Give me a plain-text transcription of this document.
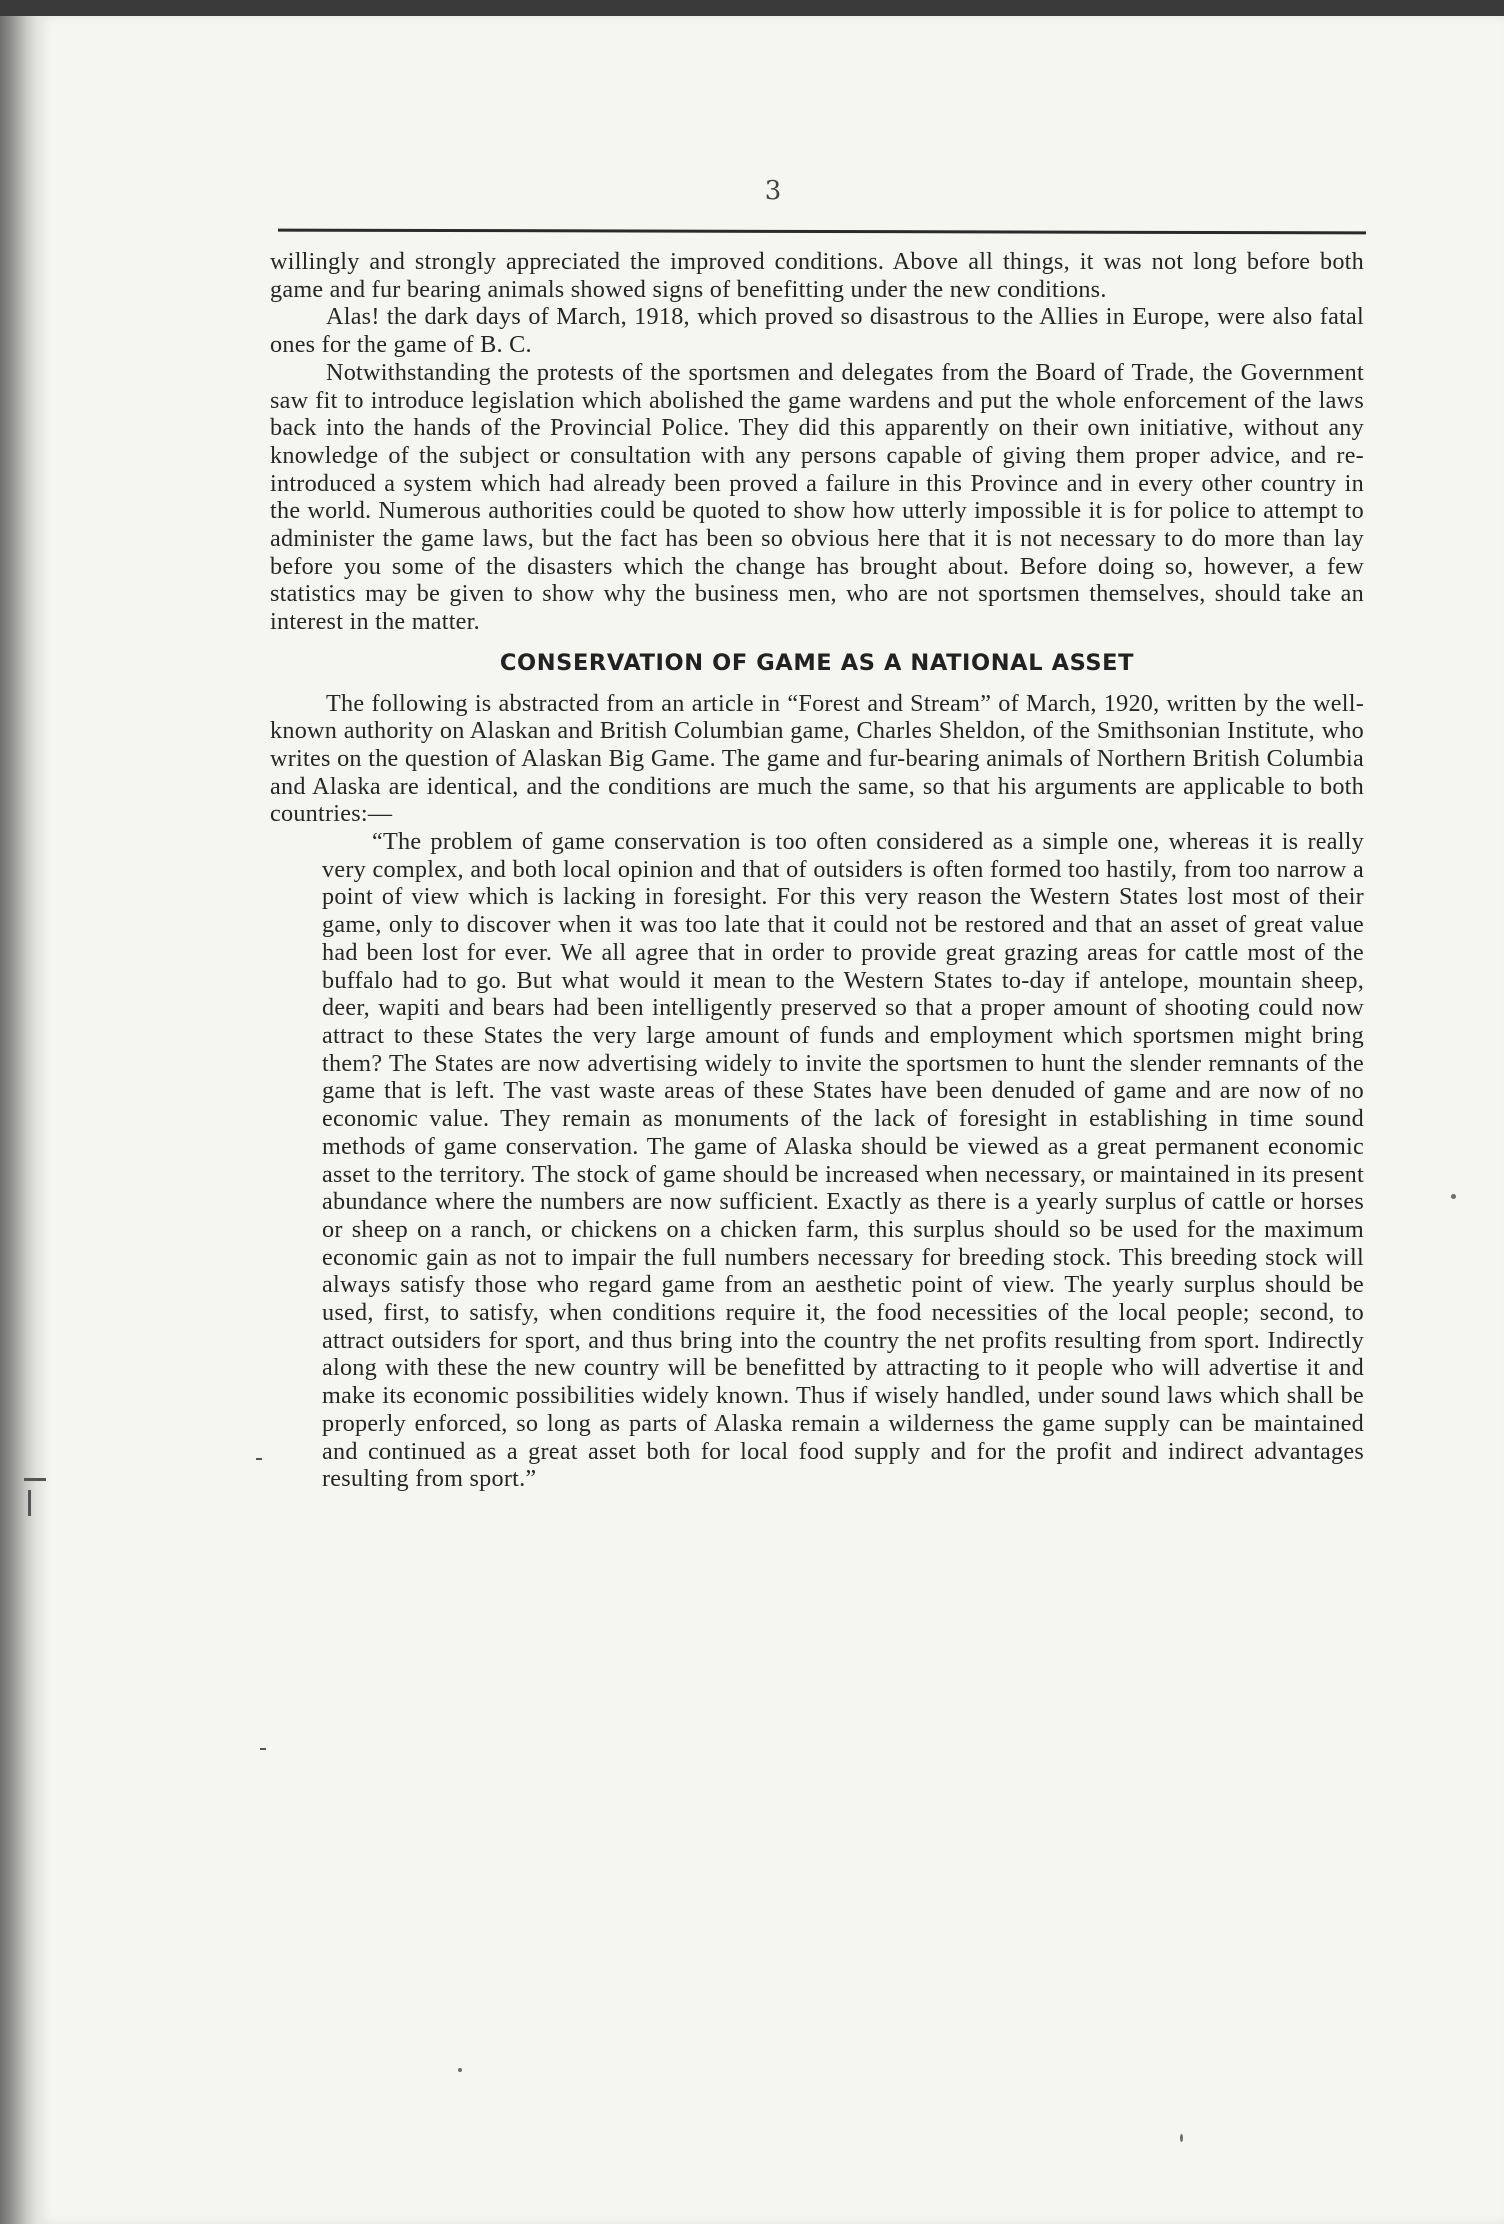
3

willingly and strongly appreciated the improved conditions. Above all things, it was not long before both game and fur bearing animals showed signs of benefitting under the new conditions.

Alas! the dark days of March, 1918, which proved so disastrous to the Allies in Europe, were also fatal ones for the game of B. C.

Notwithstanding the protests of the sportsmen and delegates from the Board of Trade, the Government saw fit to introduce legislation which abolished the game wardens and put the whole enforcement of the laws back into the hands of the Provincial Police. They did this apparently on their own initiative, without any knowledge of the subject or consultation with any persons capable of giving them proper advice, and re-introduced a system which had already been proved a failure in this Province and in every other country in the world. Numerous authorities could be quoted to show how utterly impossible it is for police to attempt to administer the game laws, but the fact has been so obvious here that it is not necessary to do more than lay before you some of the disasters which the change has brought about. Before doing so, however, a few statistics may be given to show why the business men, who are not sportsmen themselves, should take an interest in the matter.

CONSERVATION OF GAME AS A NATIONAL ASSET

The following is abstracted from an article in “Forest and Stream” of March, 1920, written by the well-known authority on Alaskan and British Columbian game, Charles Sheldon, of the Smithsonian Institute, who writes on the question of Alaskan Big Game. The game and fur-bearing animals of Northern British Columbia and Alaska are identical, and the conditions are much the same, so that his arguments are applicable to both countries:—

“The problem of game conservation is too often considered as a simple one, whereas it is really very complex, and both local opinion and that of outsiders is often formed too hastily, from too narrow a point of view which is lacking in foresight. For this very reason the Western States lost most of their game, only to discover when it was too late that it could not be restored and that an asset of great value had been lost for ever. We all agree that in order to provide great grazing areas for cattle most of the buffalo had to go. But what would it mean to the Western States to-day if antelope, mountain sheep, deer, wapiti and bears had been intelligently preserved so that a proper amount of shooting could now attract to these States the very large amount of funds and employment which sportsmen might bring them? The States are now advertising widely to invite the sportsmen to hunt the slender remnants of the game that is left. The vast waste areas of these States have been denuded of game and are now of no economic value. They remain as monuments of the lack of foresight in establishing in time sound methods of game conservation. The game of Alaska should be viewed as a great permanent economic asset to the territory. The stock of game should be increased when necessary, or maintained in its present abundance where the numbers are now sufficient. Exactly as there is a yearly surplus of cattle or horses or sheep on a ranch, or chickens on a chicken farm, this surplus should so be used for the maximum economic gain as not to impair the full numbers necessary for breeding stock. This breeding stock will always satisfy those who regard game from an aesthetic point of view. The yearly surplus should be used, first, to satisfy, when conditions require it, the food necessities of the local people; second, to attract outsiders for sport, and thus bring into the country the net profits resulting from sport. Indirectly along with these the new country will be benefitted by attracting to it people who will advertise it and make its economic possibilities widely known. Thus if wisely handled, under sound laws which shall be properly enforced, so long as parts of Alaska remain a wilderness the game supply can be maintained and continued as a great asset both for local food supply and for the profit and indirect advantages resulting from sport.”
